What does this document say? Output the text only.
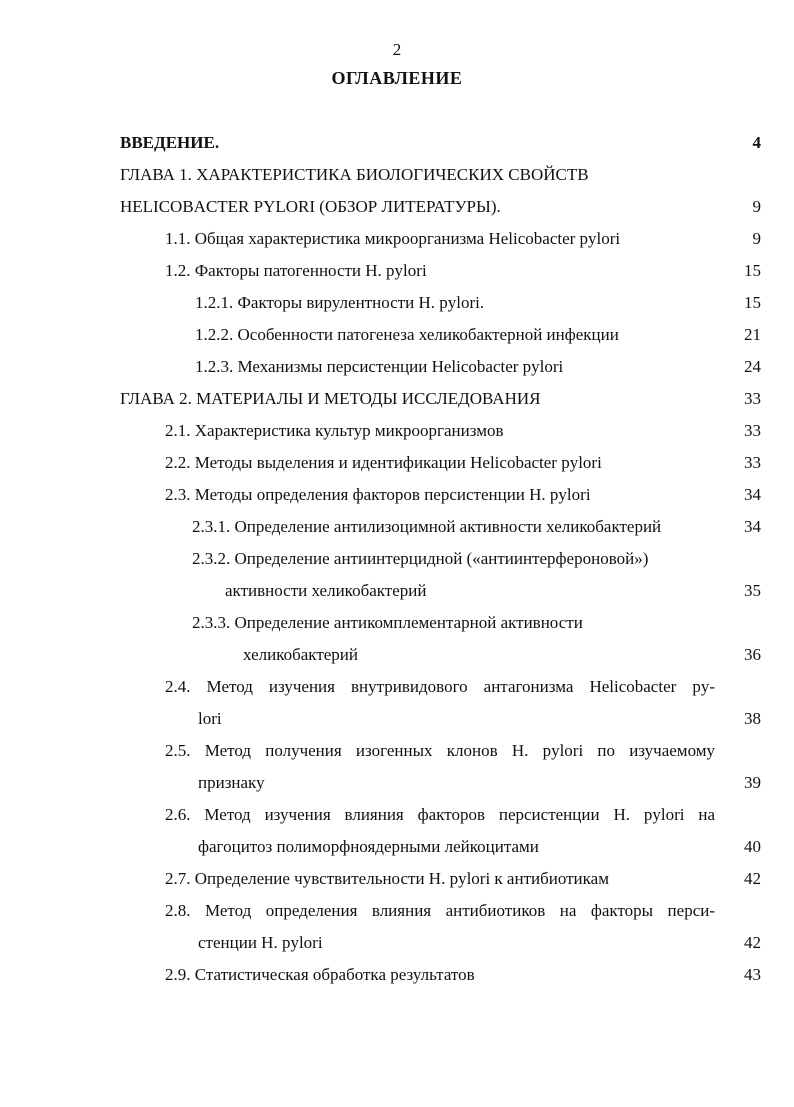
2
ОГЛАВЛЕНИЕ
ВВЕДЕНИЕ.	4
ГЛАВА 1. ХАРАКТЕРИСТИКА БИОЛОГИЧЕСКИХ СВОЙСТВ
HELICOBACTER PYLORI (ОБЗОР ЛИТЕРАТУРЫ).	9
1.1. Общая характеристика микроорганизма Helicobacter pylori	9
1.2. Факторы патогенности H. pylori	15
1.2.1. Факторы вирулентности H. pylori.	15
1.2.2. Особенности патогенеза хеликобактерной инфекции	21
1.2.3. Механизмы персистенции Helicobacter pylori	24
ГЛАВА 2. МАТЕРИАЛЫ И МЕТОДЫ ИССЛЕДОВАНИЯ	33
2.1. Характеристика культур микроорганизмов	33
2.2. Методы выделения и идентификации Helicobacter pylori	33
2.3. Методы определения факторов персистенции H. pylori	34
2.3.1. Определение антилизоцимной активности хеликобактерий	34
2.3.2. Определение антиинтерцидной («антиинтерфероновой»)
активности хеликобактерий	35
2.3.3. Определение антикомплементарной активности
хеликобактерий	36
2.4. Метод изучения внутривидового антагонизма Helicobacter py-
lori	38
2.5. Метод получения изогенных клонов H. pylori по изучаемому
признаку	39
2.6. Метод изучения влияния факторов персистенции H. pylori на
фагоцитоз полиморфноядерными лейкоцитами	40
2.7. Определение чувствительности H. pylori к антибиотикам	42
2.8. Метод определения влияния антибиотиков на факторы перси-
стенции H. pylori	42
2.9. Статистическая обработка результатов	43
